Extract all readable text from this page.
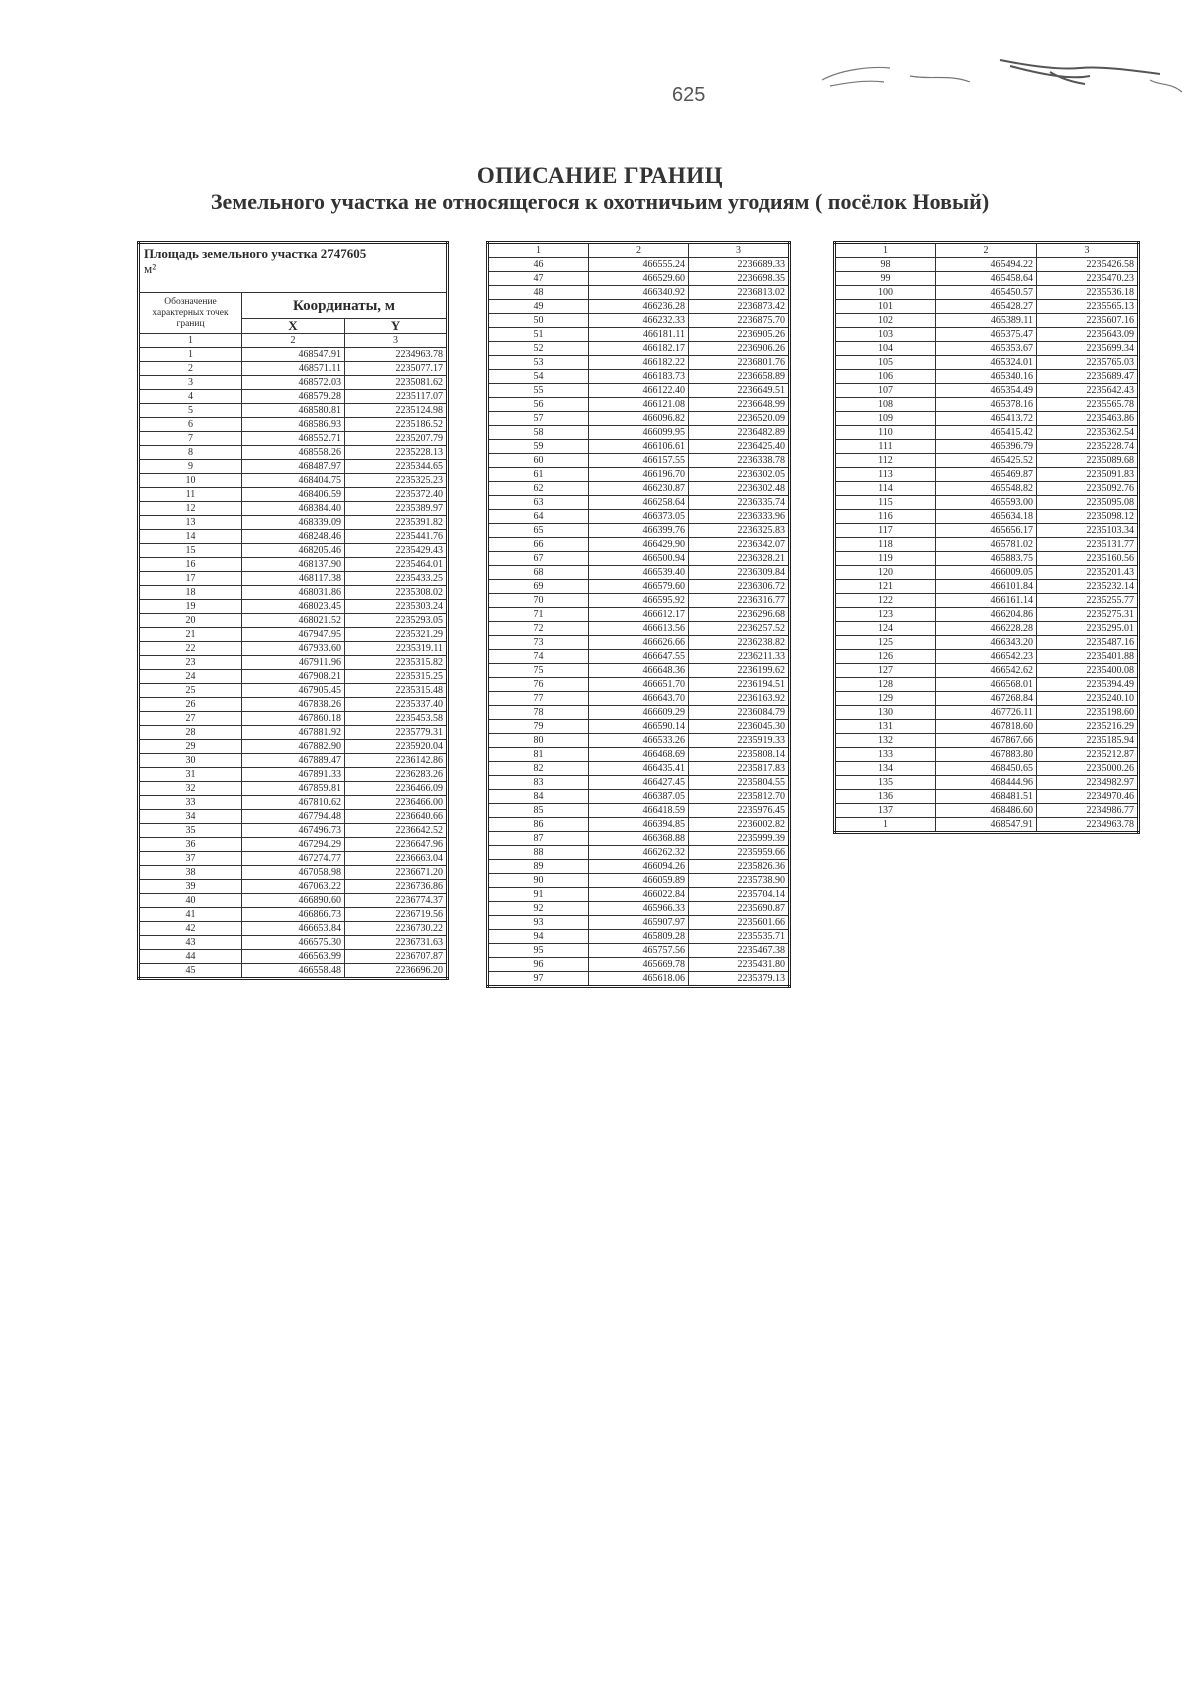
625
ОПИСАНИЕ ГРАНИЦ
Земельного участка не относящегося к охотничьим угодиям ( посёлок Новый)
Площадь земельного участка 2747605
м²		
Обозначение характерных точек границ	Координаты, м	
	X	Y
1	2	3
1	468547.91	2234963.78
2	468571.11	2235077.17
3	468572.03	2235081.62
4	468579.28	2235117.07
5	468580.81	2235124.98
6	468586.93	2235186.52
7	468552.71	2235207.79
8	468558.26	2235228.13
9	468487.97	2235344.65
10	468404.75	2235325.23
11	468406.59	2235372.40
12	468384.40	2235389.97
13	468339.09	2235391.82
14	468248.46	2235441.76
15	468205.46	2235429.43
16	468137.90	2235464.01
17	468117.38	2235433.25
18	468031.86	2235308.02
19	468023.45	2235303.24
20	468021.52	2235293.05
21	467947.95	2235321.29
22	467933.60	2235319.11
23	467911.96	2235315.82
24	467908.21	2235315.25
25	467905.45	2235315.48
26	467838.26	2235337.40
27	467860.18	2235453.58
28	467881.92	2235779.31
29	467882.90	2235920.04
30	467889.47	2236142.86
31	467891.33	2236283.26
32	467859.81	2236466.09
33	467810.62	2236466.00
34	467794.48	2236640.66
35	467496.73	2236642.52
36	467294.29	2236647.96
37	467274.77	2236663.04
38	467058.98	2236671.20
39	467063.22	2236736.86
40	466890.60	2236774.37
41	466866.73	2236719.56
42	466653.84	2236730.22
43	466575.30	2236731.63
44	466563.99	2236707.87
45	466558.48	2236696.20
1	2	3
46	466555.24	2236689.33
47	466529.60	2236698.35
48	466340.92	2236813.02
49	466236.28	2236873.42
50	466232.33	2236875.70
51	466181.11	2236905.26
52	466182.17	2236906.26
53	466182.22	2236801.76
54	466183.73	2236658.89
55	466122.40	2236649.51
56	466121.08	2236648.99
57	466096.82	2236520.09
58	466099.95	2236482.89
59	466106.61	2236425.40
60	466157.55	2236338.78
61	466196.70	2236302.05
62	466230.87	2236302.48
63	466258.64	2236335.74
64	466373.05	2236333.96
65	466399.76	2236325.83
66	466429.90	2236342.07
67	466500.94	2236328.21
68	466539.40	2236309.84
69	466579.60	2236306.72
70	466595.92	2236316.77
71	466612.17	2236296.68
72	466613.56	2236257.52
73	466626.66	2236238.82
74	466647.55	2236211.33
75	466648.36	2236199.62
76	466651.70	2236194.51
77	466643.70	2236163.92
78	466609.29	2236084.79
79	466590.14	2236045.30
80	466533.26	2235919.33
81	466468.69	2235808.14
82	466435.41	2235817.83
83	466427.45	2235804.55
84	466387.05	2235812.70
85	466418.59	2235976.45
86	466394.85	2236002.82
87	466368.88	2235999.39
88	466262.32	2235959.66
89	466094.26	2235826.36
90	466059.89	2235738.90
91	466022.84	2235704.14
92	465966.33	2235690.87
93	465907.97	2235601.66
94	465809.28	2235535.71
95	465757.56	2235467.38
96	465669.78	2235431.80
97	465618.06	2235379.13
1	2	3
98	465494.22	2235426.58
99	465458.64	2235470.23
100	465450.57	2235536.18
101	465428.27	2235565.13
102	465389.11	2235607.16
103	465375.47	2235643.09
104	465353.67	2235699.34
105	465324.01	2235765.03
106	465340.16	2235689.47
107	465354.49	2235642.43
108	465378.16	2235565.78
109	465413.72	2235463.86
110	465415.42	2235362.54
111	465396.79	2235228.74
112	465425.52	2235089.68
113	465469.87	2235091.83
114	465548.82	2235092.76
115	465593.00	2235095.08
116	465634.18	2235098.12
117	465656.17	2235103.34
118	465781.02	2235131.77
119	465883.75	2235160.56
120	466009.05	2235201.43
121	466101.84	2235232.14
122	466161.14	2235255.77
123	466204.86	2235275.31
124	466228.28	2235295.01
125	466343.20	2235487.16
126	466542.23	2235401.88
127	466542.62	2235400.08
128	466568.01	2235394.49
129	467268.84	2235240.10
130	467726.11	2235198.60
131	467818.60	2235216.29
132	467867.66	2235185.94
133	467883.80	2235212.87
134	468450.65	2235000.26
135	468444.96	2234982.97
136	468481.51	2234970.46
137	468486.60	2234986.77
1	468547.91	2234963.78
